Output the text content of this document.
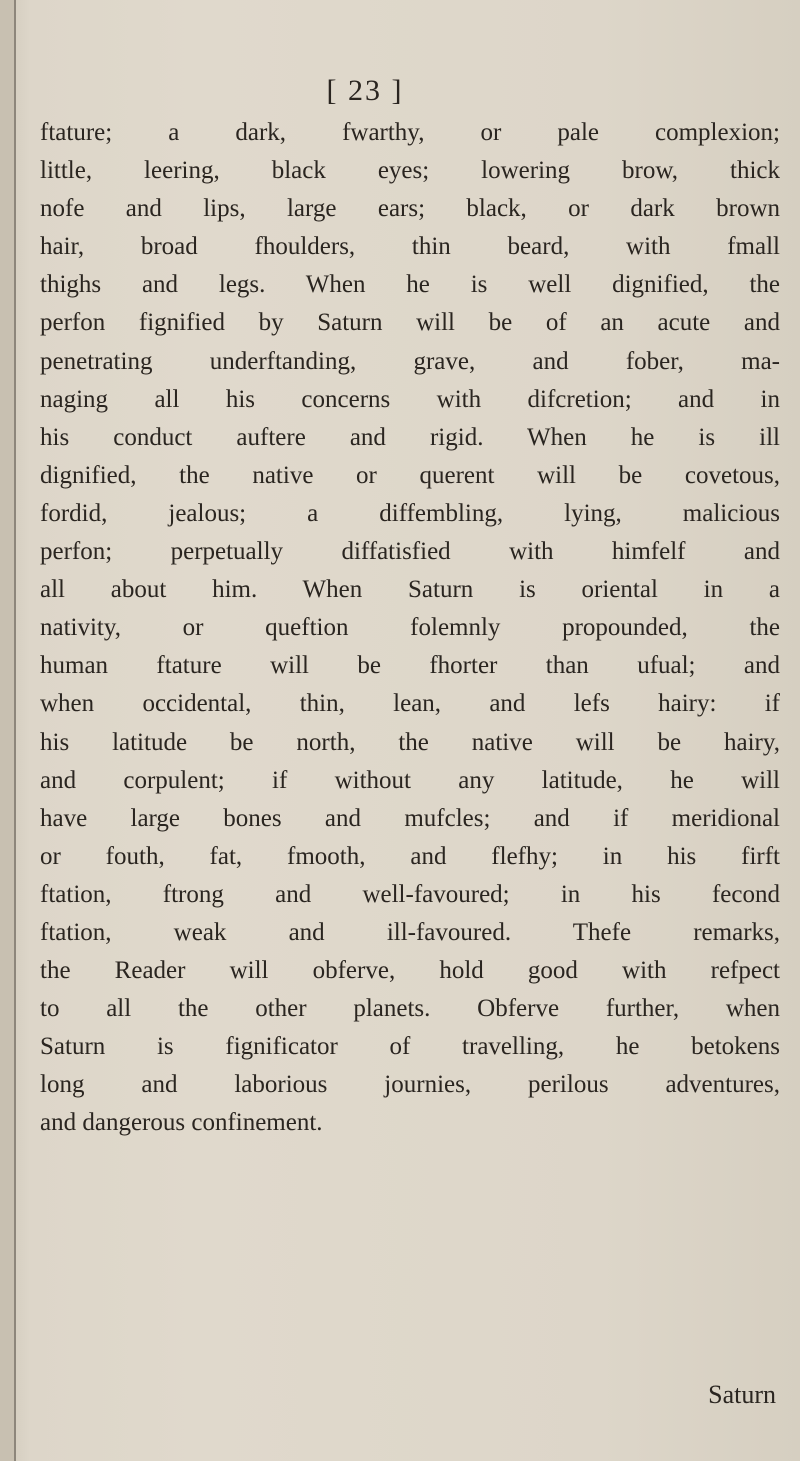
[ 23 ]
ftature; a dark, fwarthy, or pale complexion;
little, leering, black eyes; lowering brow, thick
nofe and lips, large ears; black, or dark brown
hair, broad fhoulders, thin beard, with fmall
thighs and legs. When he is well dignified, the
perfon fignified by Saturn will be of an acute and
penetrating underftanding, grave, and fober, ma-
naging all his concerns with difcretion; and in
his conduct auftere and rigid. When he is ill
dignified, the native or querent will be covetous,
fordid, jealous; a diffembling, lying, malicious
perfon; perpetually diffatisfied with himfelf and
all about him. When Saturn is oriental in a
nativity, or queftion folemnly propounded, the
human ftature will be fhorter than ufual; and
when occidental, thin, lean, and lefs hairy: if
his latitude be north, the native will be hairy,
and corpulent; if without any latitude, he will
have large bones and mufcles; and if meridional
or fouth, fat, fmooth, and flefhy; in his firft
ftation, ftrong and well-favoured; in his fecond
ftation, weak and ill-favoured. Thefe remarks,
the Reader will obferve, hold good with refpect
to all the other planets. Obferve further, when
Saturn is fignificator of travelling, he betokens
long and laborious journies, perilous adventures,
and dangerous confinement.
Saturn
